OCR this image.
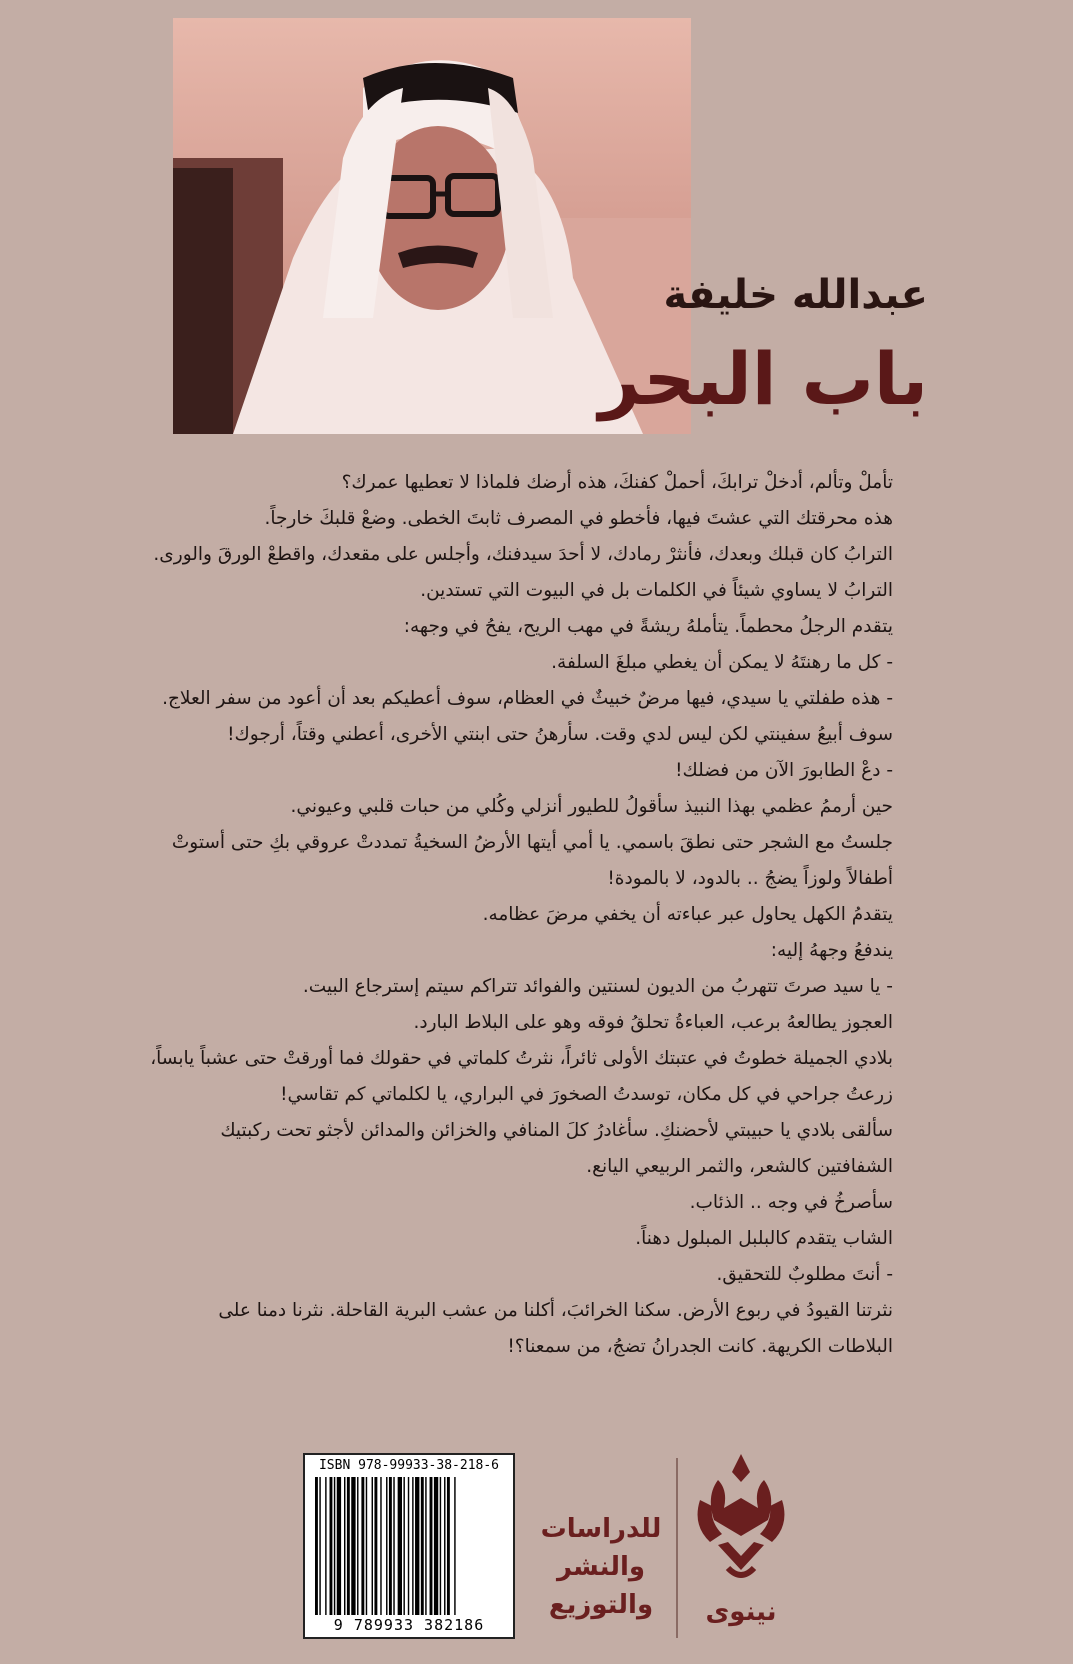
عبدالله خليفة
باب البحر

تأملْ وتألم، أدخلْ ترابكَ، أحملْ كفنكَ، هذه أرضك فلماذا لا تعطيها عمرك؟

هذه محرقتك التي عشتَ فيها، فأخطو في المصرف ثابتَ الخطى. وضعْ قلبكَ خارجاً.

الترابُ كان قبلك وبعدك، فأنثرْ رمادك، لا أحدَ سيدفنك، وأجلس على مقعدك، واقطعْ الورقَ والورى.

الترابُ لا يساوي شيئاً في الكلمات بل في البيوت التي تستدين.

يتقدم الرجلُ محطماً. يتأملهُ ريشةً في مهب الريح، يفحُ في وجهه:

- كل ما رهنتَهُ لا يمكن أن يغطي مبلغَ السلفة.

- هذه طفلتي يا سيدي، فيها مرضٌ خبيثٌ في العظام، سوف أعطيكم بعد أن أعود من سفر العلاج.

سوف أبيعُ سفينتي لكن ليس لدي وقت. سأرهنُ حتى ابنتي الأخرى، أعطني وقتاً، أرجوك!

- دعْ الطابورَ الآن من فضلك!

حين أرممُ عظمي بهذا النبيذ سأقولُ للطيور أنزلي وكُلي من حبات قلبي وعيوني.

جلستُ مع الشجر حتى نطقَ باسمي. يا أمي أيتها الأرضُ السخيةُ تمددتْ عروقي بكِ حتى أستوتْ

أطفالاً ولوزاً يضجُ .. بالدود، لا بالمودة!

يتقدمُ الكهل يحاول عبر عباءته أن يخفي مرضَ عظامه.

يندفعُ وجههُ إليه:

- يا سيد صرتَ تتهربُ من الديون لسنتين والفوائد تتراكم سيتم إسترجاع البيت.

العجوز يطالعهُ برعب، العباءةُ تحلقُ فوقه وهو على البلاط البارد.

بلادي الجميلة خطوتُ في عتبتك الأولى ثائراً، نثرتُ كلماتي في حقولك فما أورقتْ حتى عشباً يابساً،

زرعتُ جراحي في كل مكان، توسدتُ الصخورَ في البراري، يا لكلماتي كم تقاسي!

سألقى بلادي يا حبيبتي لأحضنكِ. سأغادرُ كلَ المنافي والخزائن والمدائن لأجثو تحت ركبتيك

الشفافتين كالشعر، والثمر الربيعي اليانع.

سأصرخُ في وجه .. الذئاب.

الشاب يتقدم كالبلبل المبلول دهناً.

- أنتَ مطلوبٌ للتحقيق.

نثرتنا القيودُ في ربوع الأرض. سكنا الخرائبَ، أكلنا من عشب البرية القاحلة. نثرنا دمنا على

البلاطات الكريهة. كانت الجدرانُ تضجُ، من سمعنا؟!

ISBN 978-99933-38-218-6
9 789933 382186
للدراسات
والنشر
والتوزيع	نينوى
